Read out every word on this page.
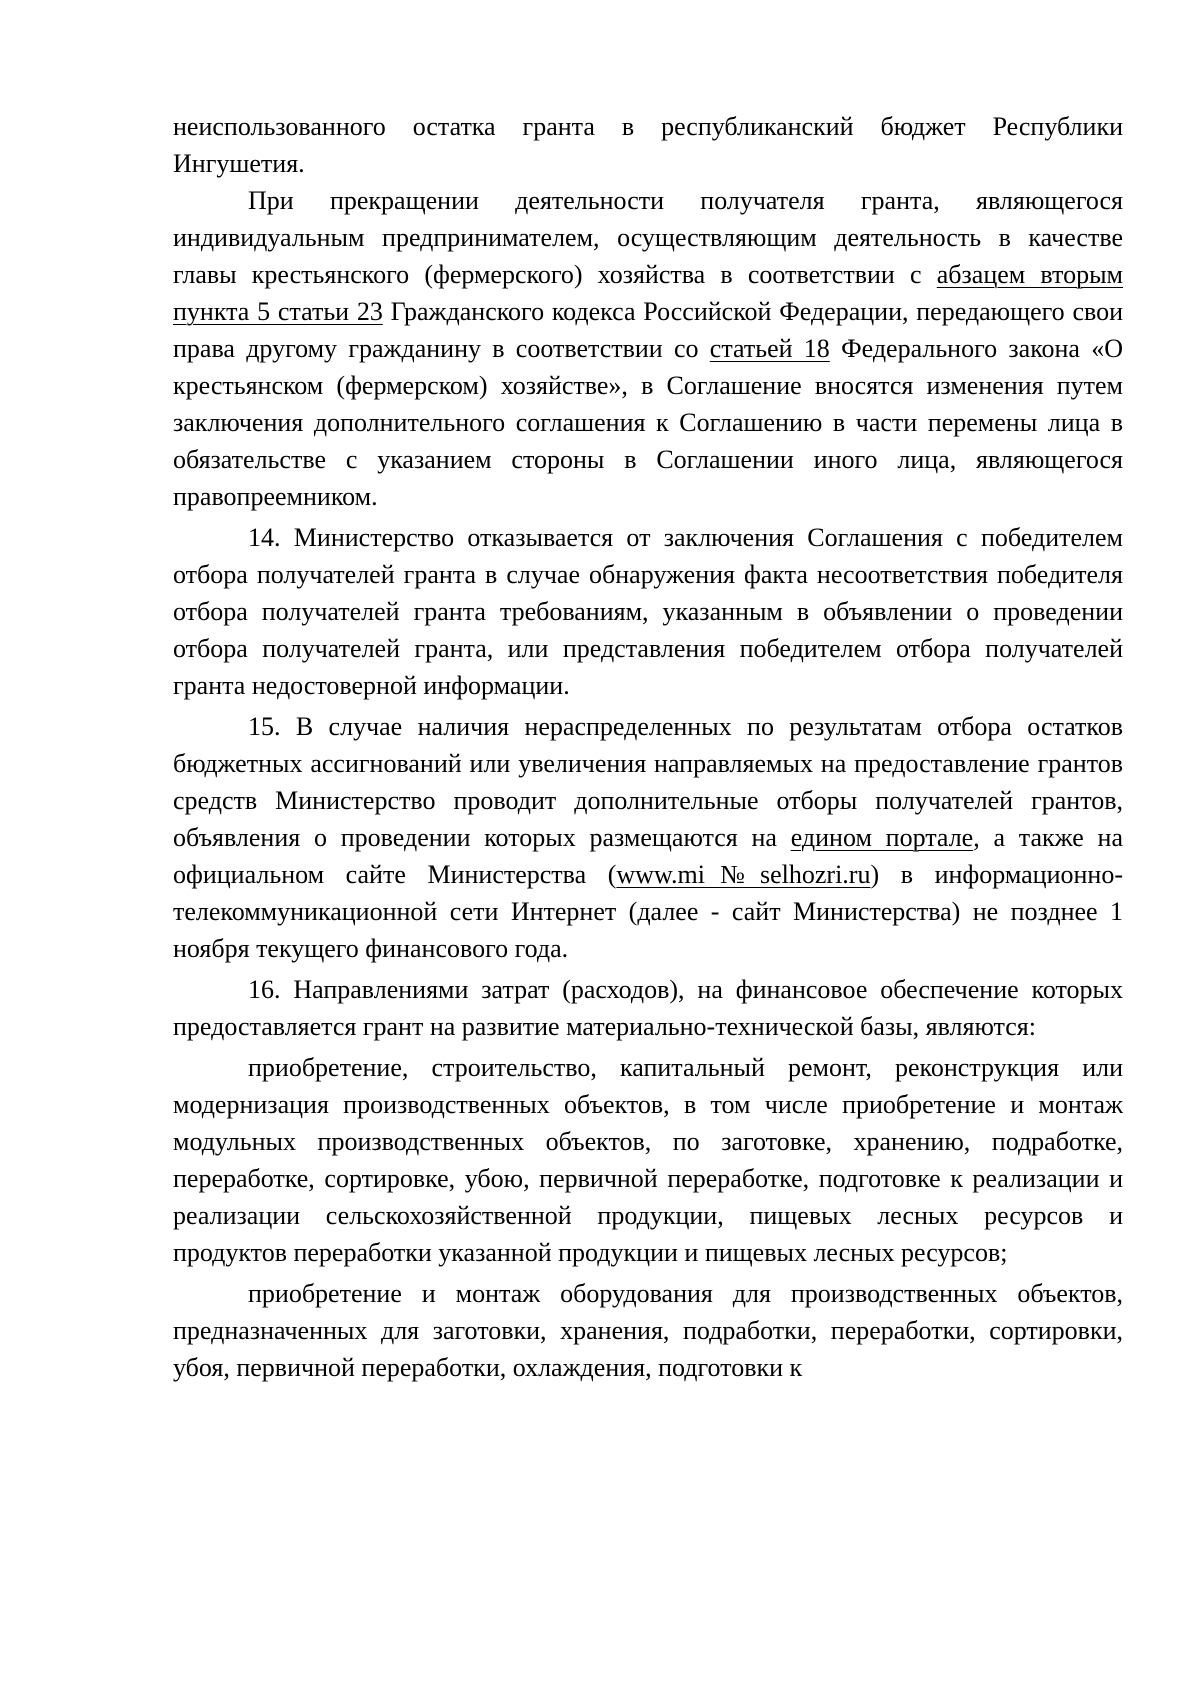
неиспользованного остатка гранта в республиканский бюджет Республики Ингушетия.

При прекращении деятельности получателя гранта, являющегося индивидуальным предпринимателем, осуществляющим деятельность в качестве главы крестьянского (фермерского) хозяйства в соответствии с абзацем вторым пункта 5 статьи 23 Гражданского кодекса Российской Федерации, передающего свои права другому гражданину в соответствии со статьей 18 Федерального закона «О крестьянском (фермерском) хозяйстве», в Соглашение вносятся изменения путем заключения дополнительного соглашения к Соглашению в части перемены лица в обязательстве с указанием стороны в Соглашении иного лица, являющегося правопреемником.

14. Министерство отказывается от заключения Соглашения с победителем отбора получателей гранта в случае обнаружения факта несоответствия победителя отбора получателей гранта требованиям, указанным в объявлении о проведении отбора получателей гранта, или представления победителем отбора получателей гранта недостоверной информации.

15. В случае наличия нераспределенных по результатам отбора остатков бюджетных ассигнований или увеличения направляемых на предоставление грантов средств Министерство проводит дополнительные отборы получателей грантов, объявления о проведении которых размещаются на едином портале, а также на официальном сайте Министерства (www.mi№selhozri.ru) в информационно-телекоммуникационной сети Интернет (далее - сайт Министерства) не позднее 1 ноября текущего финансового года.

16. Направлениями затрат (расходов), на финансовое обеспечение которых предоставляется грант на развитие материально-технической базы, являются:

приобретение, строительство, капитальный ремонт, реконструкция или модернизация производственных объектов, в том числе приобретение и монтаж модульных производственных объектов, по заготовке, хранению, подработке, переработке, сортировке, убою, первичной переработке, подготовке к реализации и реализации сельскохозяйственной продукции, пищевых лесных ресурсов и продуктов переработки указанной продукции и пищевых лесных ресурсов;

приобретение и монтаж оборудования для производственных объектов, предназначенных для заготовки, хранения, подработки, переработки, сортировки, убоя, первичной переработки, охлаждения, подготовки к
